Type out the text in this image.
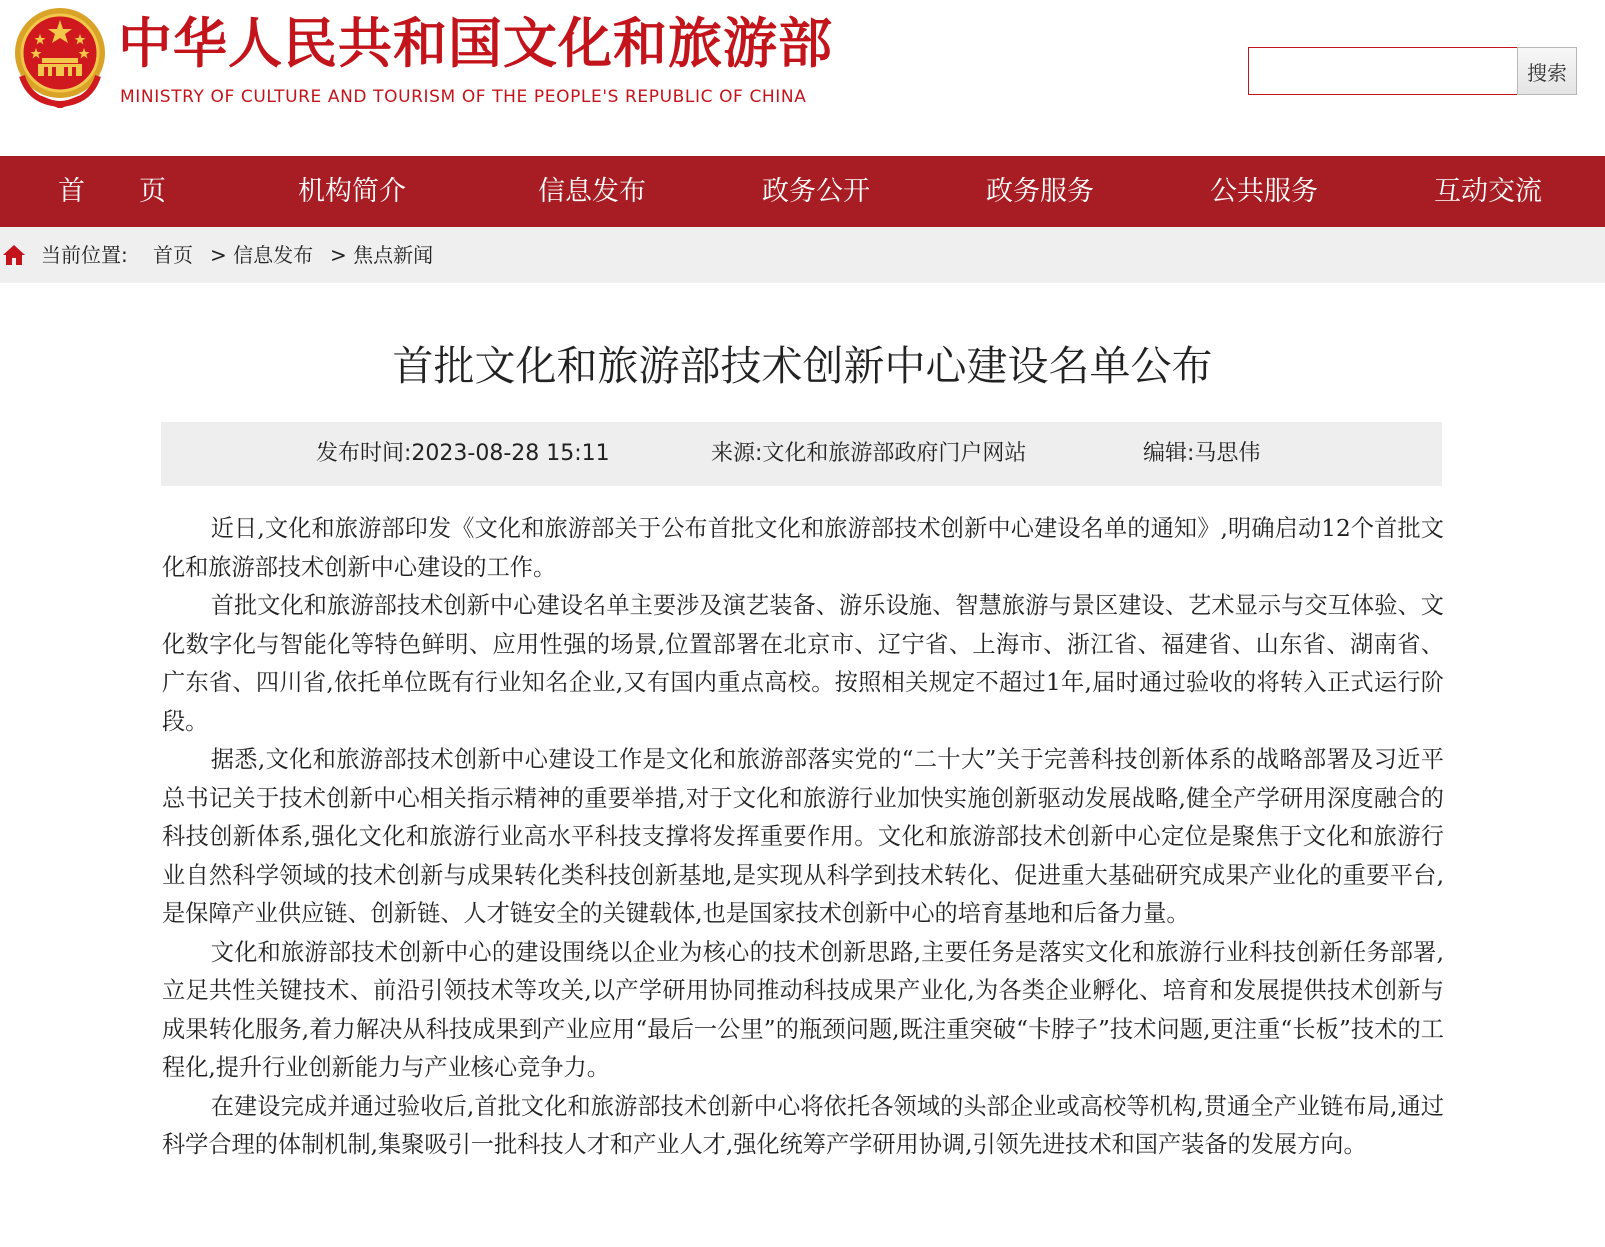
中华人民共和国文化和旅游部
MINISTRY OF CULTURE AND TOURISM OF THE PEOPLE'S REPUBLIC OF CHINA
搜索
首　　页	机构简介	信息发布	政务公开	政务服务	公共服务	互动交流
当前位置: 首页 > 信息发布 > 焦点新闻
首批文化和旅游部技术创新中心建设名单公布
发布时间:2023-08-28 15:11	来源:文化和旅游部政府门户网站	编辑:马思伟

近日,文化和旅游部印发《文化和旅游部关于公布首批文化和旅游部技术创新中心建设名单的通知》,明确启动12个首批文化和旅游部技术创新中心建设的工作。

首批文化和旅游部技术创新中心建设名单主要涉及演艺装备、游乐设施、智慧旅游与景区建设、艺术显示与交互体验、文化数字化与智能化等特色鲜明、应用性强的场景,位置部署在北京市、辽宁省、上海市、浙江省、福建省、山东省、湖南省、广东省、四川省,依托单位既有行业知名企业,又有国内重点高校。按照相关规定不超过1年,届时通过验收的将转入正式运行阶段。

据悉,文化和旅游部技术创新中心建设工作是文化和旅游部落实党的“二十大”关于完善科技创新体系的战略部署及习近平总书记关于技术创新中心相关指示精神的重要举措,对于文化和旅游行业加快实施创新驱动发展战略,健全产学研用深度融合的科技创新体系,强化文化和旅游行业高水平科技支撑将发挥重要作用。文化和旅游部技术创新中心定位是聚焦于文化和旅游行业自然科学领域的技术创新与成果转化类科技创新基地,是实现从科学到技术转化、促进重大基础研究成果产业化的重要平台,是保障产业供应链、创新链、人才链安全的关键载体,也是国家技术创新中心的培育基地和后备力量。

文化和旅游部技术创新中心的建设围绕以企业为核心的技术创新思路,主要任务是落实文化和旅游行业科技创新任务部署,立足共性关键技术、前沿引领技术等攻关,以产学研用协同推动科技成果产业化,为各类企业孵化、培育和发展提供技术创新与成果转化服务,着力解决从科技成果到产业应用“最后一公里”的瓶颈问题,既注重突破“卡脖子”技术问题,更注重“长板”技术的工程化,提升行业创新能力与产业核心竞争力。

在建设完成并通过验收后,首批文化和旅游部技术创新中心将依托各领域的头部企业或高校等机构,贯通全产业链布局,通过科学合理的体制机制,集聚吸引一批科技人才和产业人才,强化统筹产学研用协调,引领先进技术和国产装备的发展方向。
